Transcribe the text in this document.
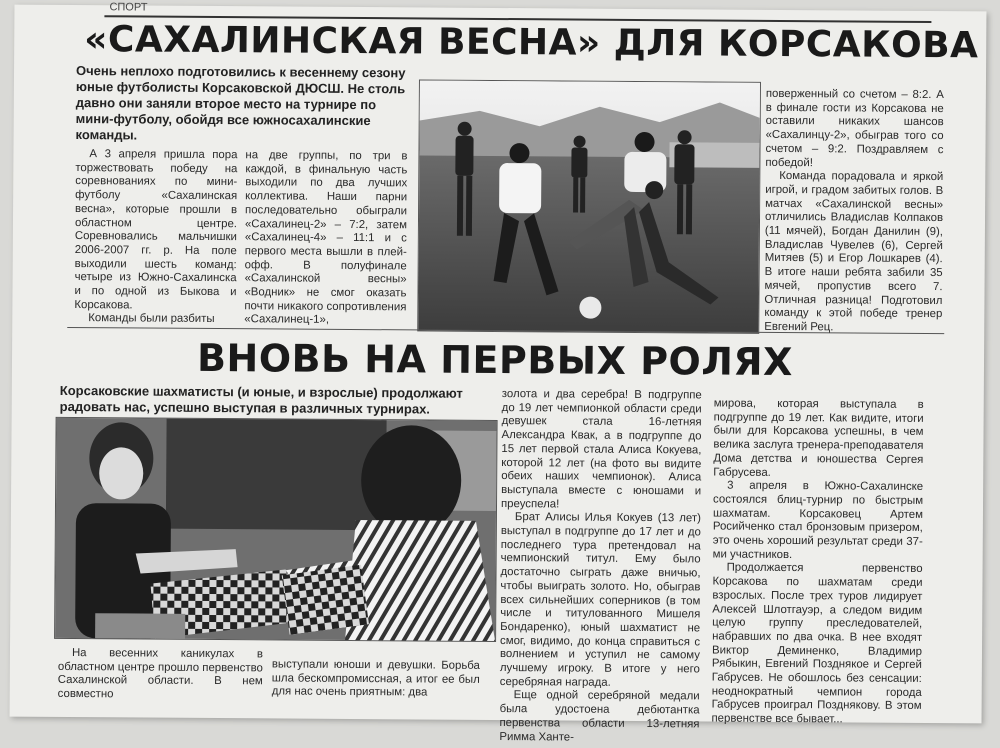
СПОРТ
«САХАЛИНСКАЯ ВЕСНА» ДЛЯ КОРСАКОВА
Очень неплохо подготовились к весеннему сезону юные футболисты Корсаковской ДЮСШ. Не столь давно они заняли второе место на турнире по мини-футболу, обойдя все южносахалинские команды.

А 3 апреля пришла пора торжествовать победу на соревнованиях по мини-футболу «Сахалинская весна», которые прошли в областном центре. Соревновались мальчишки 2006-2007 гг. р. На поле выходили шесть команд: четыре из Южно-Сахалинска и по одной из Быкова и Корсакова.

Команды были разбиты

на две группы, по три в каждой, в финальную часть выходили по два лучших коллектива. Наши парни последовательно обыграли «Сахалинец-2» – 7:2, затем «Сахалинец-4» – 11:1 и с первого места вышли в плей-офф. В полуфинале «Сахалинской весны» «Водник» не смог оказать почти никакого сопротивления «Сахалинец-1»,

поверженный со счетом – 8:2. А в финале гости из Корсакова не оставили никаких шансов «Сахалинцу-2», обыграв того со счетом – 9:2. Поздравляем с победой!

Команда порадовала и яркой игрой, и градом забитых голов. В матчах «Сахалинской весны» отличились Владислав Колпаков (11 мячей), Богдан Данилин (9), Владислав Чувелев (6), Сергей Митяев (5) и Егор Лошкарев (4). В итоге наши ребята забили 35 мячей, пропустив всего 7. Отличная разница! Подготовил команду к этой победе тренер Евгений Рец.

ВНОВЬ НА ПЕРВЫХ РОЛЯХ
Корсаковские шахматисты (и юные, и взрослые) продолжают радовать нас, успешно выступая в различных турнирах.

На весенних каникулах в областном центре прошло первенство Сахалинской области. В нем совместно

выступали юноши и девушки. Борьба шла бескомпромиссная, а итог ее был для нас очень приятным: два

золота и два серебра! В подгруппе до 19 лет чемпионкой области среди девушек стала 16-летняя Александра Квак, а в подгруппе до 15 лет первой стала Алиса Кокуева, которой 12 лет (на фото вы видите обеих наших чемпионок). Алиса выступала вместе с юношами и преуспела!

Брат Алисы Илья Кокуев (13 лет) выступал в подгруппе до 17 лет и до последнего тура претендовал на чемпионский титул. Ему было достаточно сыграть даже вничью, чтобы выиграть золото. Но, обыграв всех сильнейших соперников (в том числе и титулованного Мишеля Бондаренко), юный шахматист не смог, видимо, до конца справиться с волнением и уступил не самому лучшему игроку. В итоге у него серебряная награда.

Еще одной серебряной медали была удостоена дебютантка первенства области 13-летняя Римма Ханте-

мирова, которая выступала в подгруппе до 19 лет. Как видите, итоги были для Корсакова успешны, в чем велика заслуга тренера-преподавателя Дома детства и юношества Сергея Габрусева.

3 апреля в Южно-Сахалинске состоялся блиц-турнир по быстрым шахматам. Корсаковец Артем Росийченко стал бронзовым призером, это очень хороший результат среди 37-ми участников.

Продолжается первенство Корсакова по шахматам среди взрослых. После трех туров лидирует Алексей Шлотгауэр, а следом видим целую группу преследователей, набравших по два очка. В нее входят Виктор Деминенко, Владимир Рябыкин, Евгений Позднякое и Сергей Габрусев. Не обошлось без сенсации: неоднократный чемпион города Габрусев проиграл Позднякову. В этом первенстве все бывает...
